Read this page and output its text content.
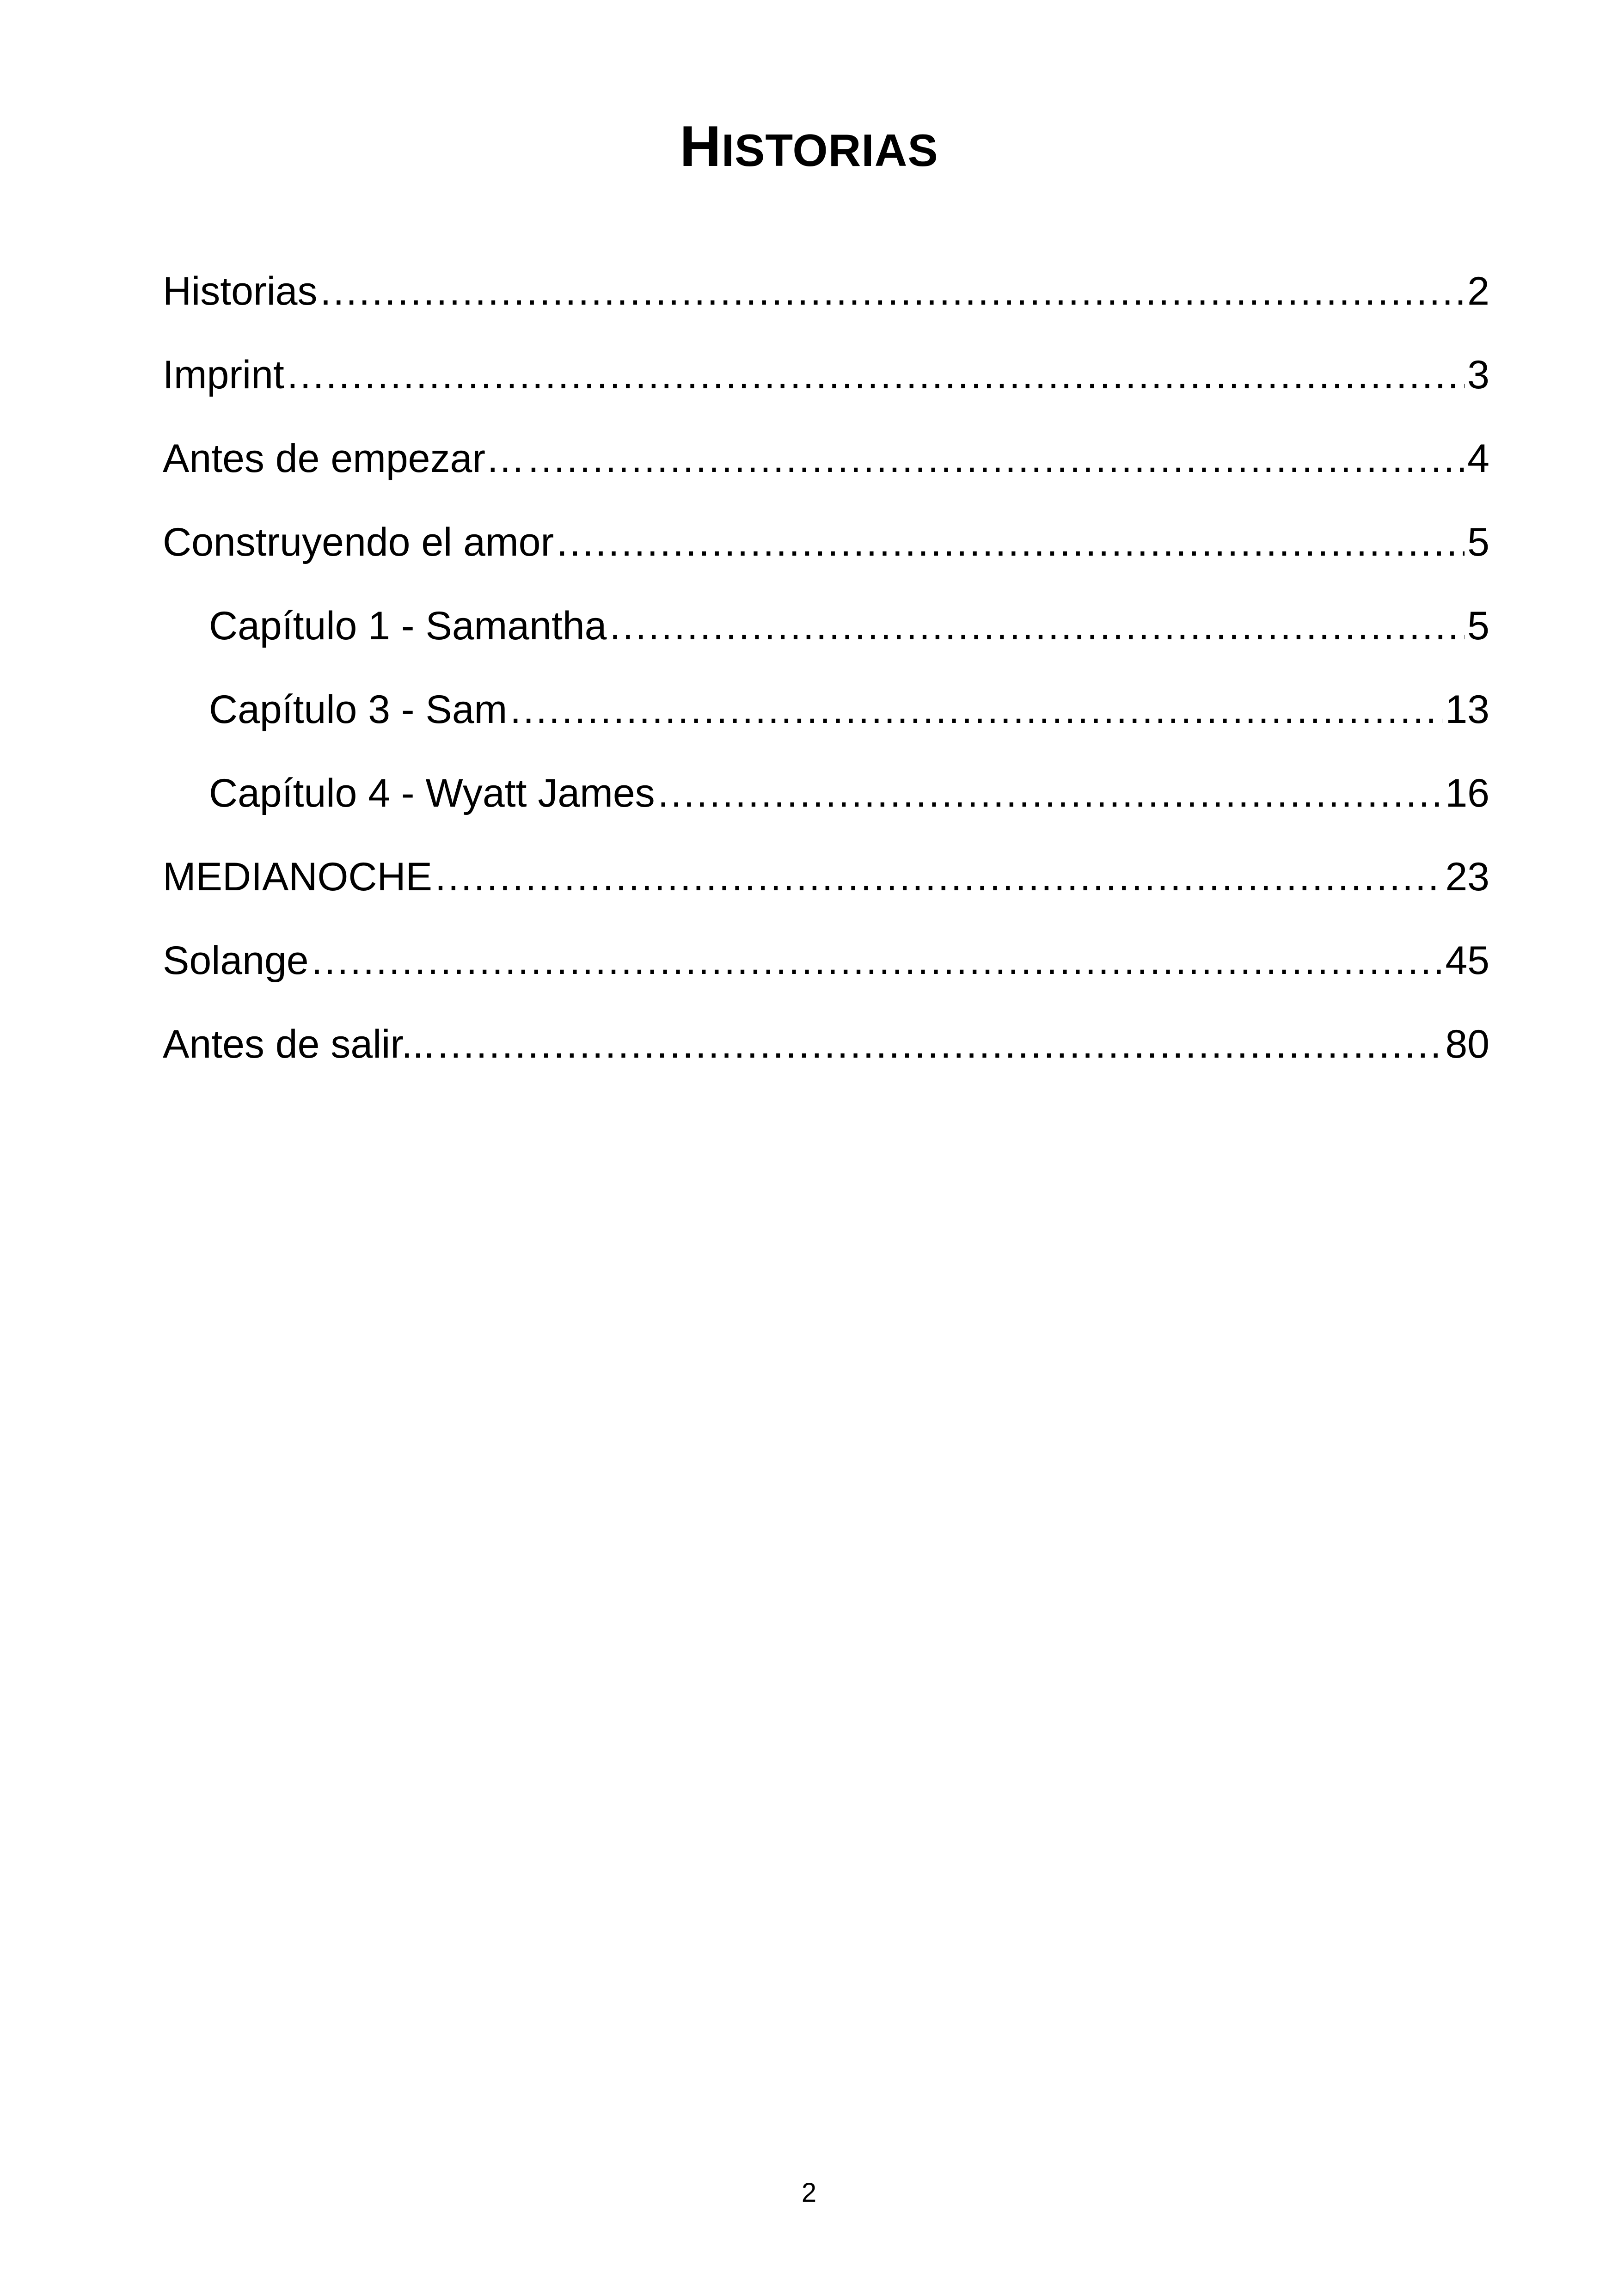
HISTORIAS
Historias .....	2
Imprint .....	3
Antes de empezar… .....	4
Construyendo el amor .....	5
Capítulo 1 - Samantha .....	5
Capítulo 3 - Sam .....	13
Capítulo 4 - Wyatt James .....	16
MEDIANOCHE .....	23
Solange .....	45
Antes de salir... .....	80
2
